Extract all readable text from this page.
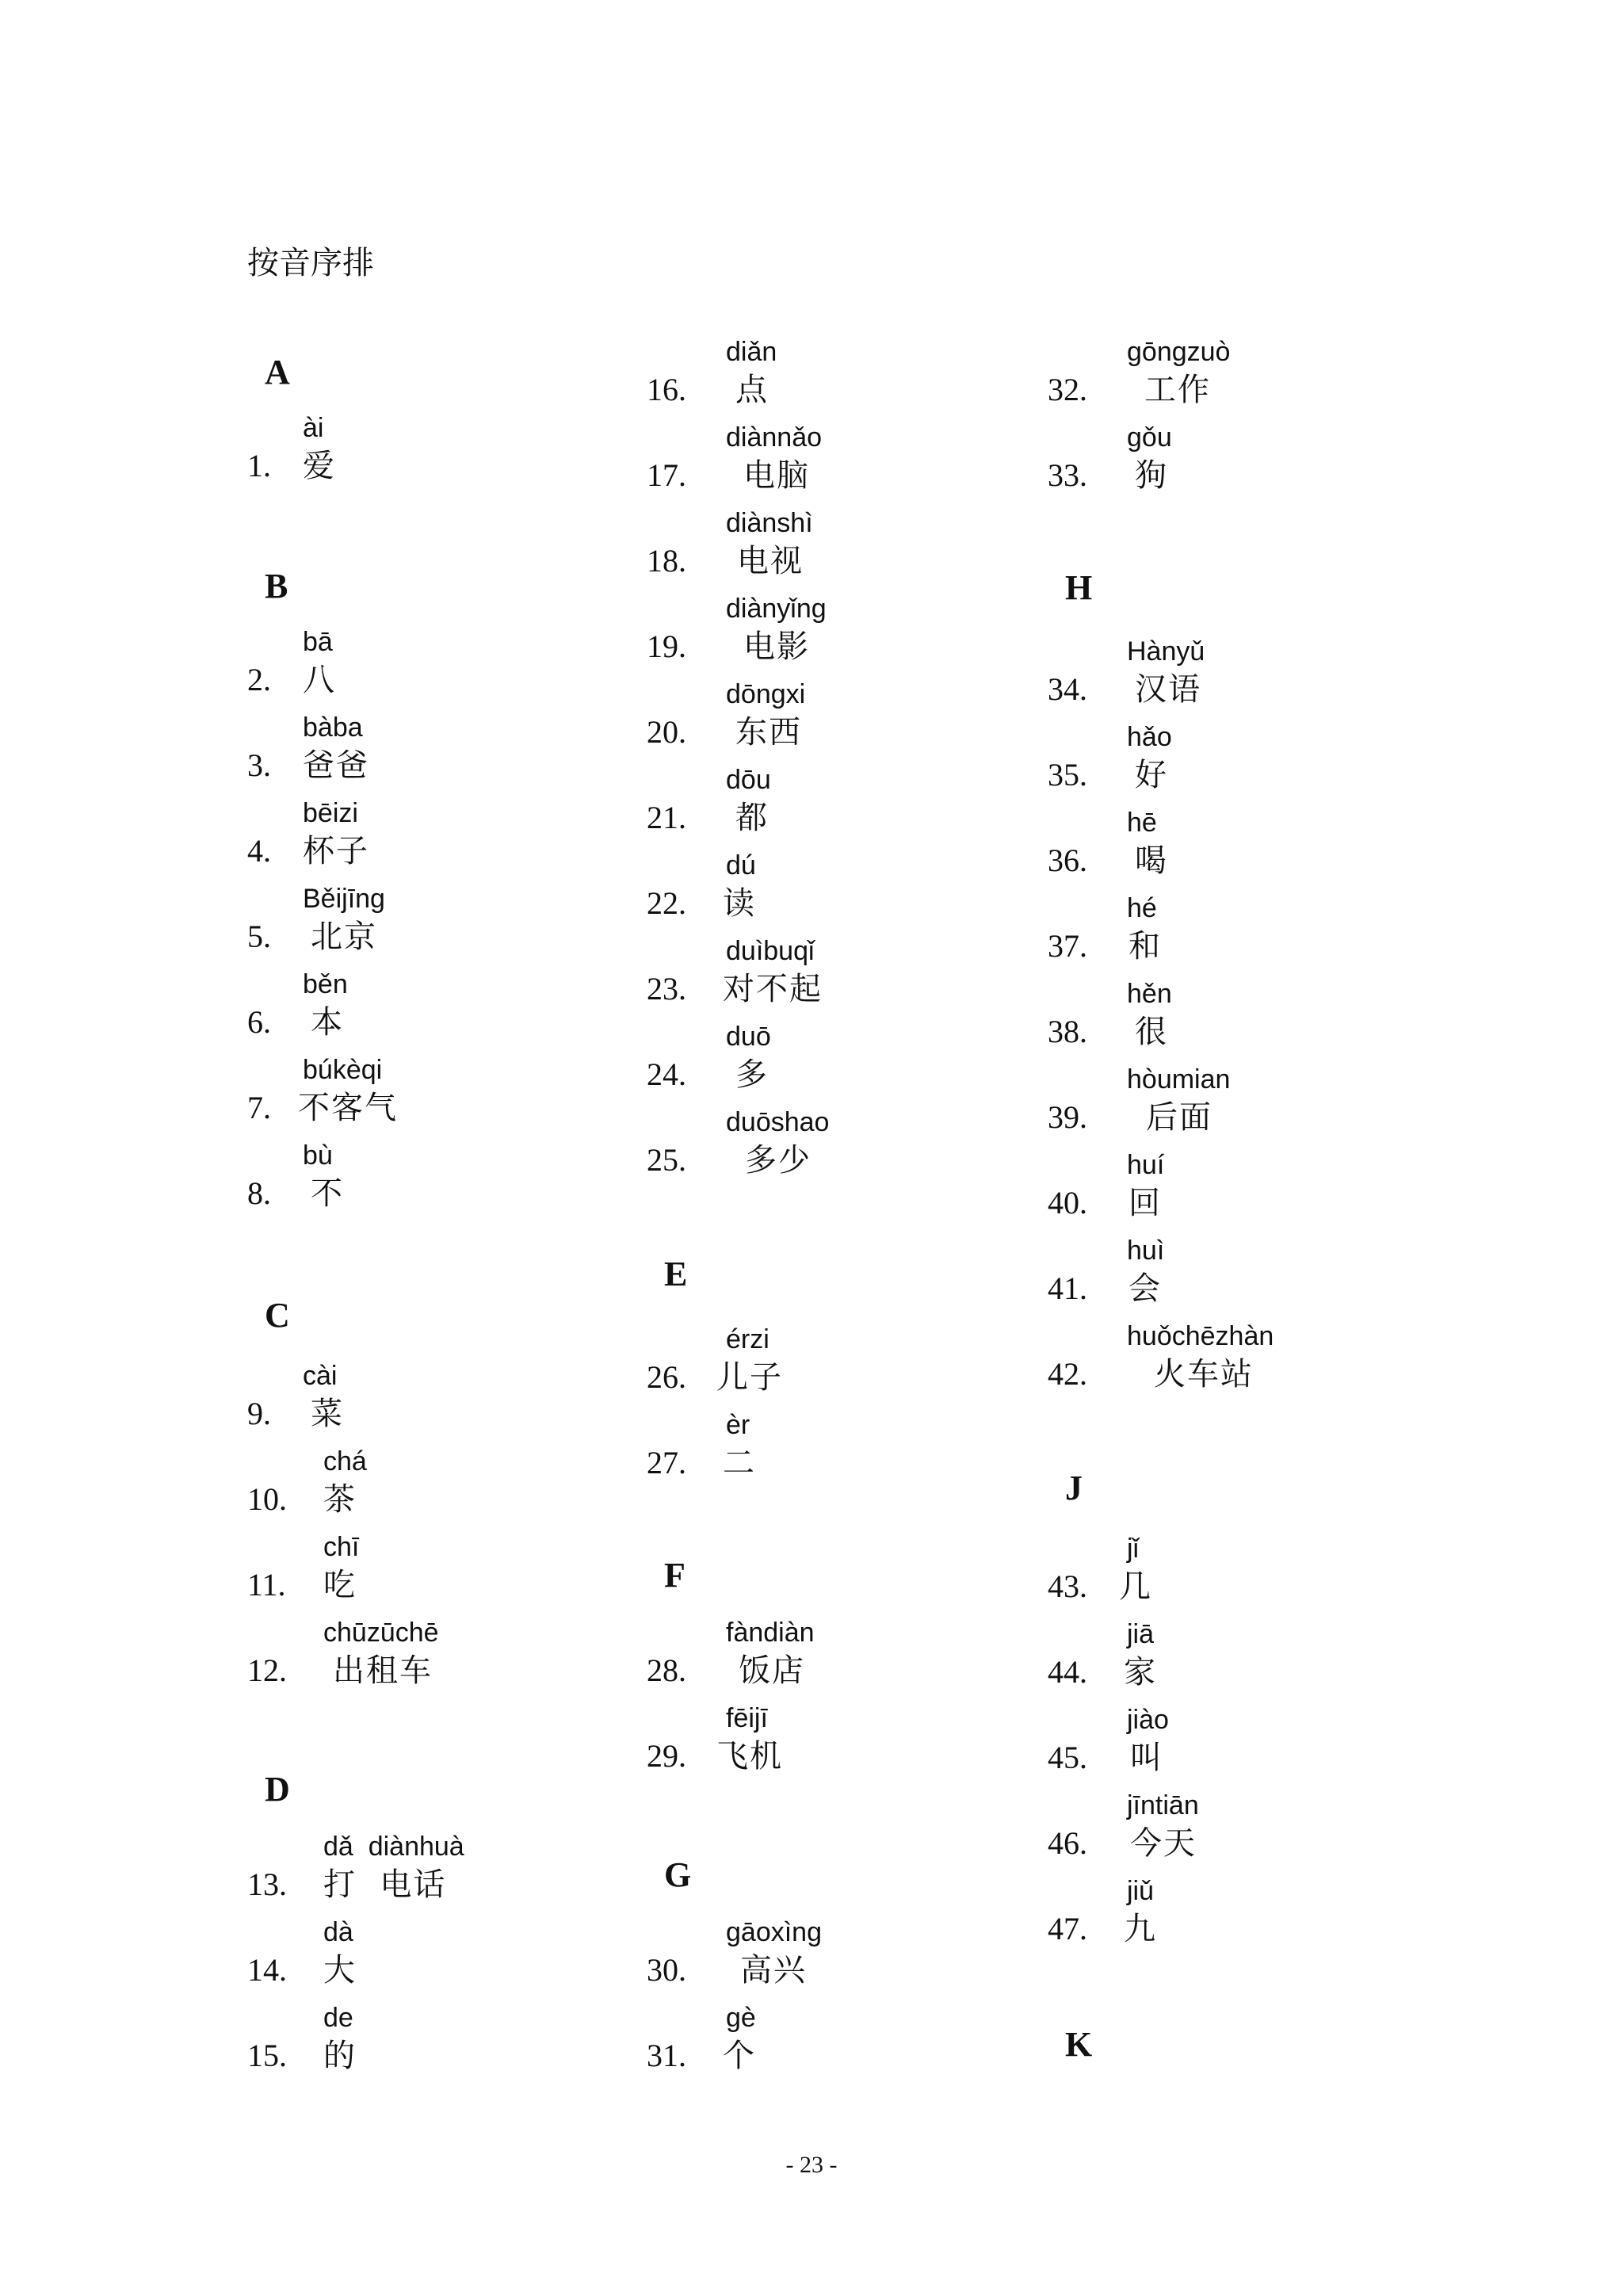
按音序排
A
ài
1. 爱
B
bā
2. 八
bàba
3. 爸爸
bēizi
4. 杯子
Běijīng
5. 北京
běn
6. 本
búkèqi
7. 不客气
bù
8. 不
C
cài
9. 菜
chá
10. 茶
chī
11. 吃
chūzūchē
12. 出租车
D
dǎ  diànhuà
13. 打  电话
dà
14. 大
de
15. 的
diǎn
16. 点
diànnǎo
17. 电脑
diànshì
18. 电视
diànyǐng
19. 电影
dōngxi
20. 东西
dōu
21. 都
dú
22. 读
duìbuqǐ
23. 对不起
duō
24. 多
duōshao
25. 多少
E
érzi
26. 儿子
èr
27. 二
F
fàndiàn
28. 饭店
fēijī
29. 飞机
G
gāoxìng
30. 高兴
gè
31. 个
gōngzuò
32. 工作
gǒu
33. 狗
H
Hànyǔ
34. 汉语
hǎo
35. 好
hē
36. 喝
hé
37. 和
hěn
38. 很
hòumian
39. 后面
huí
40. 回
huì
41. 会
huǒchēzhàn
42. 火车站
J
jǐ
43. 几
jiā
44. 家
jiào
45. 叫
jīntiān
46. 今天
jiǔ
47. 九
K
- 23 -
